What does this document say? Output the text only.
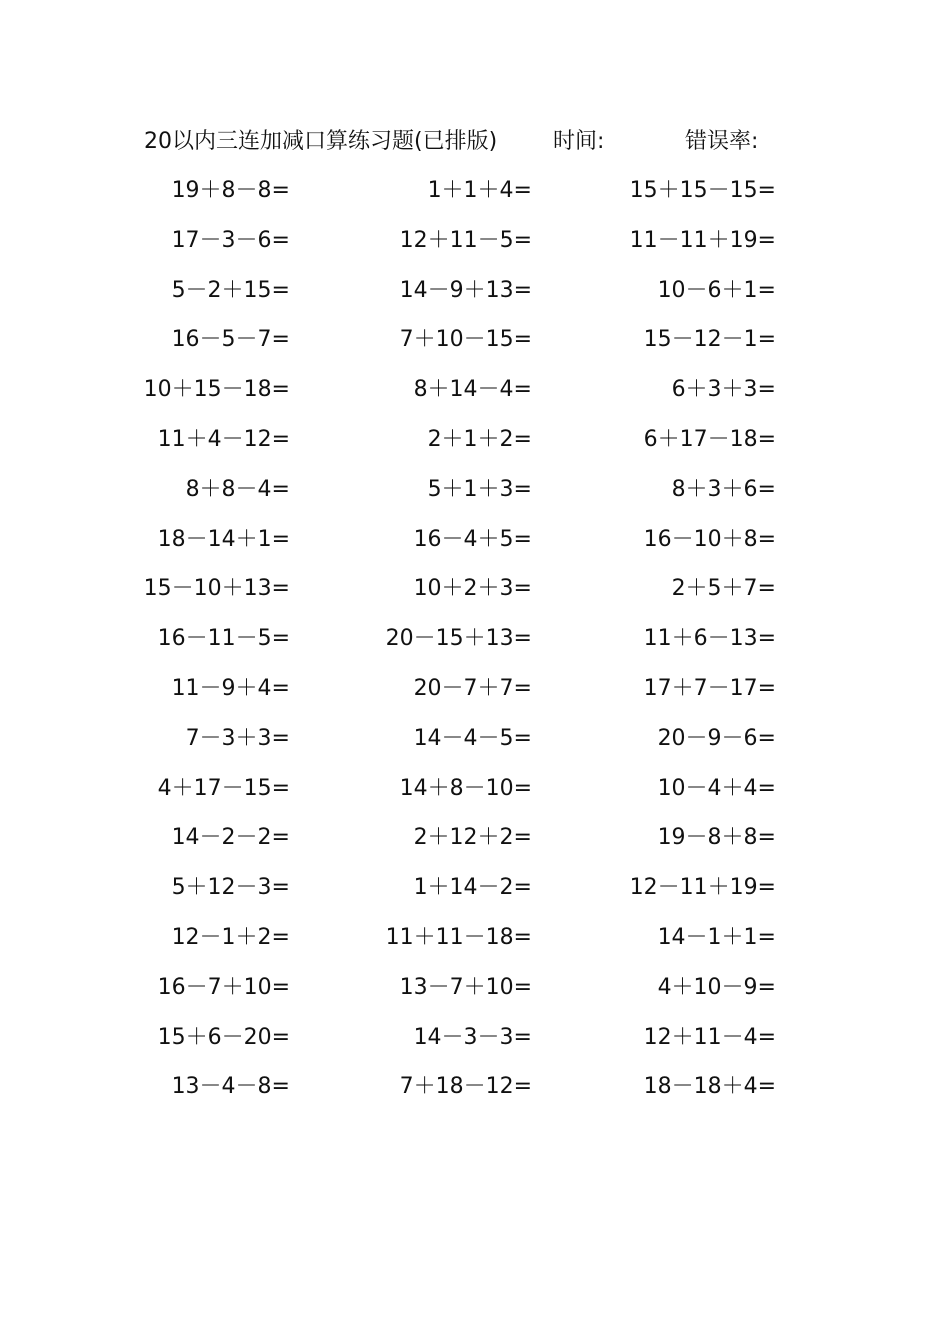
20以内三连加减口算练习题(已排版)	时间:	错误率:
19＋8－8=	1＋1＋4=	15＋15－15=
17－3－6=	12＋11－5=	11－11＋19=
5－2＋15=	14－9＋13=	10－6＋1=
16－5－7=	7＋10－15=	15－12－1=
10＋15－18=	8＋14－4=	6＋3＋3=
11＋4－12=	2＋1＋2=	6＋17－18=
8＋8－4=	5＋1＋3=	8＋3＋6=
18－14＋1=	16－4＋5=	16－10＋8=
15－10＋13=	10＋2＋3=	2＋5＋7=
16－11－5=	20－15＋13=	11＋6－13=
11－9＋4=	20－7＋7=	17＋7－17=
7－3＋3=	14－4－5=	20－9－6=
4＋17－15=	14＋8－10=	10－4＋4=
14－2－2=	2＋12＋2=	19－8＋8=
5＋12－3=	1＋14－2=	12－11＋19=
12－1＋2=	11＋11－18=	14－1＋1=
16－7＋10=	13－7＋10=	4＋10－9=
15＋6－20=	14－3－3=	12＋11－4=
13－4－8=	7＋18－12=	18－18＋4=
